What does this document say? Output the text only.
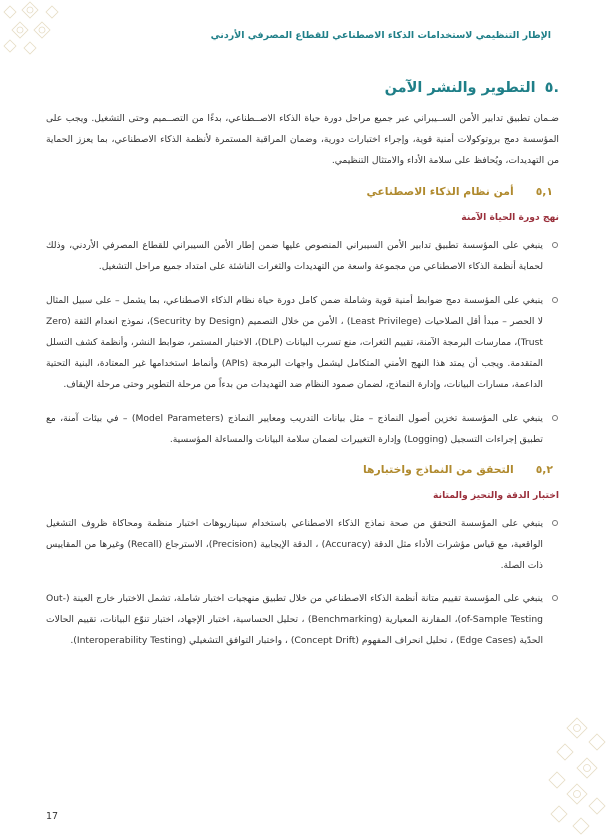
الإطار التنظيمي لاستخدامات الذكاء الاصطناعي للقطاع المصرفي الأردني
.٥
التطوير والنشر الآمن

ضـمان تطبيق تدابير الأمن الســيبراني عبر جميع مراحل دورة حياة الذكاء الاصــطناعي، بدءًا من التصــميم وحتى التشغيل. ويجب على المؤسسة دمج بروتوكولات أمنية قوية، وإجراء اختبارات دورية، وضمان المراقبة المستمرة لأنظمة الذكاء الاصطناعي، بما يعزز الحماية من التهديدات، ويُحافظ على سلامة الأداء والامتثال التنظيمي.

٥,١
أمن نظام الذكاء الاصطناعي
نهج دورة الحياة الآمنة
ينبغي على المؤسسة تطبيق تدابير الأمن السيبراني المنصوص عليها ضمن إطار الأمن السيبراني للقطاع المصرفي الأردني، وذلك لحماية أنظمة الذكاء الاصطناعي من مجموعة واسعة من التهديدات والثغرات الناشئة على امتداد جميع مراحل التشغيل.
ينبغي على المؤسسة دمج ضوابط أمنية قوية وشاملة ضمن كامل دورة حياة نظام الذكاء الاصطناعي، بما يشمل – على سبيل المثال لا الحصر – مبدأ أقل الصلاحيات (Least Privilege) ، الأمن من خلال التصميم (Security by Design)، نموذج انعدام الثقة (Zero Trust)، ممارسات البرمجة الآمنة، تقييم الثغرات، منع تسرب البيانات (DLP)، الاختبار المستمر، ضوابط النشر، وأنظمة كشف التسلل المتقدمة. ويجب أن يمتد هذا النهج الأمني المتكامل ليشمل واجهات البرمجة (APIs) وأنماط استخدامها غير المعتادة، البنية التحتية الداعمة، مسارات البيانات، وإدارة النماذج، لضمان صمود النظام ضد التهديدات من بدءاً من مرحلة التطوير وحتى مرحلة الإيقاف.
ينبغي على المؤسسة تخزين أصول النماذج – مثل بيانات التدريب ومعايير النماذج (Model Parameters) – في بيئات آمنة، مع تطبيق إجراءات التسجيل (Logging) وإدارة التغييرات لضمان سلامة البيانات والمساءلة المؤسسية.
٥,٢
التحقق من النماذج واختبارها
اختبار الدقة والتحيز والمتانة
ينبغي على المؤسسة التحقق من صحة نماذج الذكاء الاصطناعي باستخدام سيناريوهات اختبار منظمة ومحاكاة ظروف التشغيل الواقعية، مع قياس مؤشرات الأداء مثل الدقة (Accuracy) ، الدقة الإيجابية (Precision)، الاسترجاع (Recall) وغيرها من المقاييس ذات الصلة.
ينبغي على المؤسسة تقييم متانة أنظمة الذكاء الاصطناعي من خلال تطبيق منهجيات اختبار شاملة، تشمل الاختبار خارج العينة (Out-of-Sample Testing)، المقارنة المعيارية (Benchmarking) ، تحليل الحساسية، اختبار الإجهاد، اختبار تنوّع البيانات، تقييم الحالات الحدّية (Edge Cases) ، تحليل انحراف المفهوم (Concept Drift) ، واختبار التوافق التشغيلي (Interoperability Testing).
17
